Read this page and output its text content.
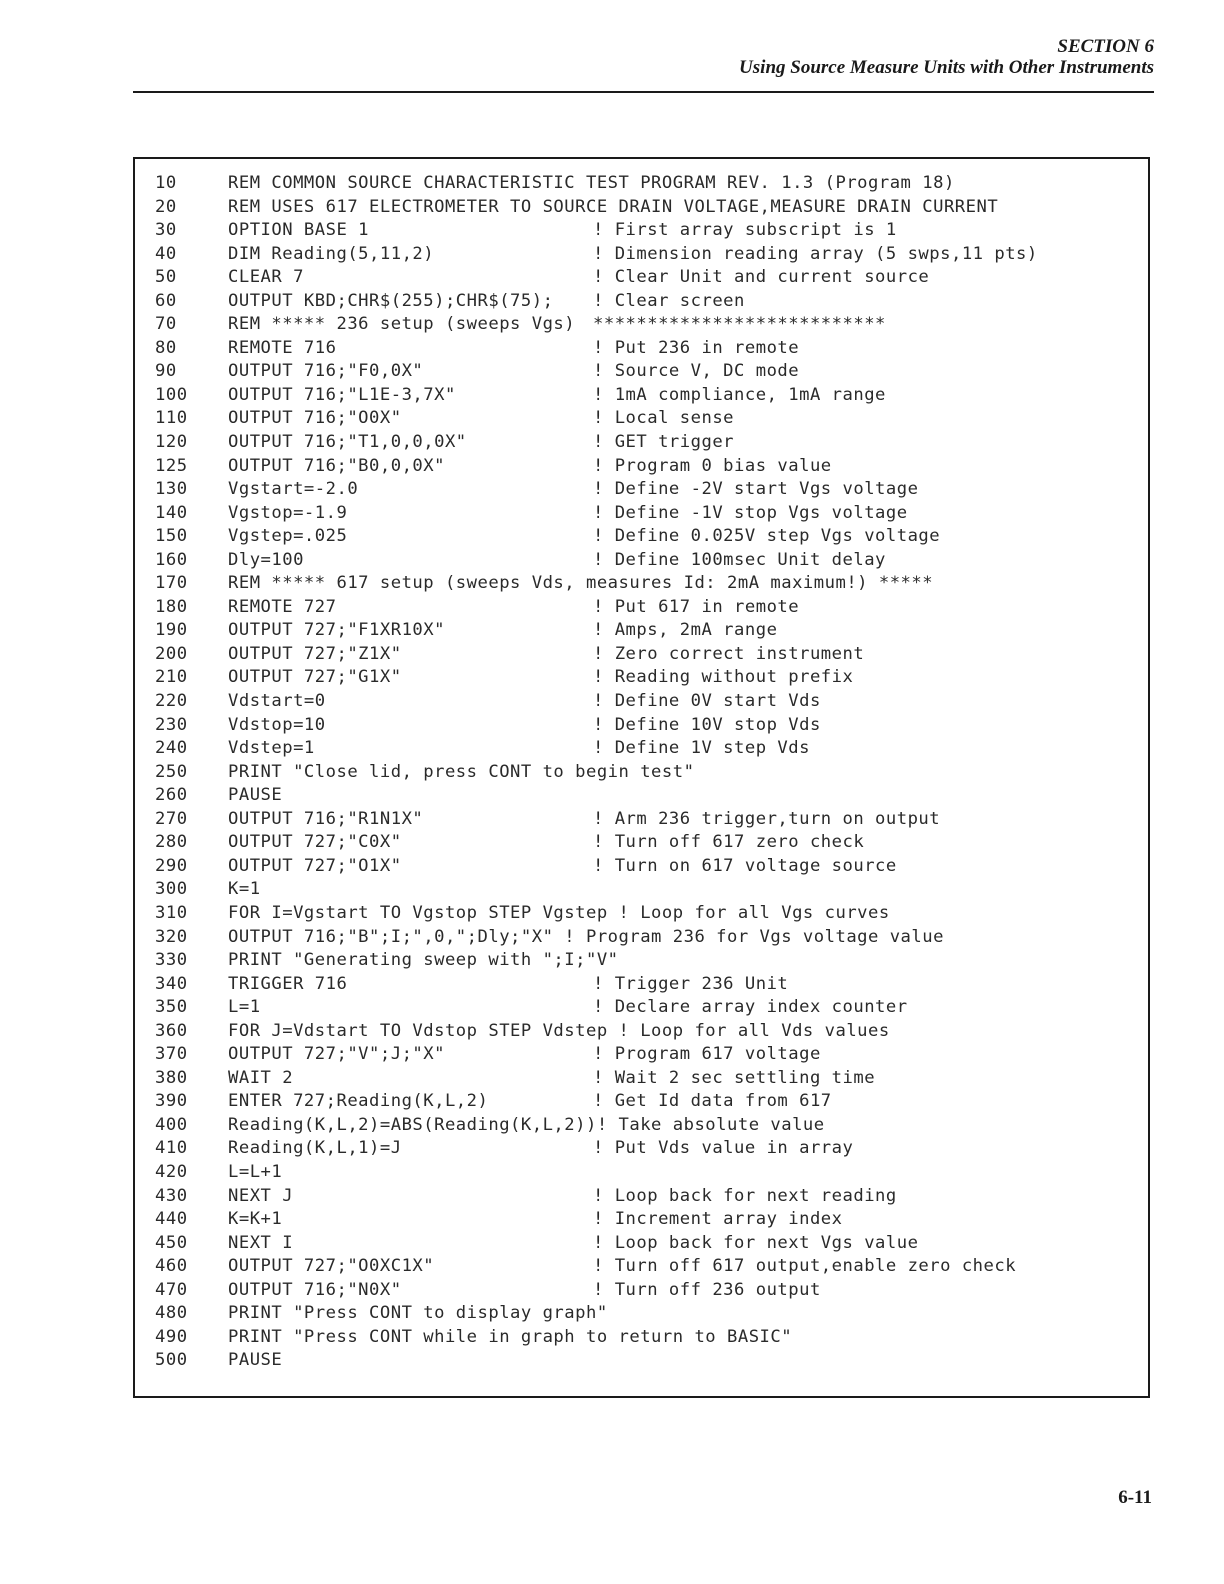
SECTION 6
Using Source Measure Units with Other Instruments
10	REM COMMON SOURCE CHARACTERISTIC TEST PROGRAM REV. 1.3 (Program 18)
20	REM USES 617 ELECTROMETER TO SOURCE DRAIN VOLTAGE,MEASURE DRAIN CURRENT
30	OPTION BASE 1	! First array subscript is 1
40	DIM Reading(5,11,2)	! Dimension reading array (5 swps,11 pts)
50	CLEAR 7	! Clear Unit and current source
60	OUTPUT KBD;CHR$(255);CHR$(75); ! Clear screen
70	REM ***** 236 setup (sweeps Vgs) ***************************
80	REMOTE 716	! Put 236 in remote
90	OUTPUT 716;"F0,0X"	! Source V, DC mode
100 OUTPUT 716;"L1E-3,7X"	! 1mA compliance, 1mA range
110 OUTPUT 716;"O0X"	! Local sense
120 OUTPUT 716;"T1,0,0,0X"	! GET trigger
125 OUTPUT 716;"B0,0,0X"	! Program 0 bias value
130 Vgstart=-2.0	! Define -2V start Vgs voltage
140 Vgstop=-1.9	! Define -1V stop Vgs voltage
150 Vgstep=.025	! Define 0.025V step Vgs voltage
160 Dly=100	! Define 100msec Unit delay
170 REM ***** 617 setup (sweeps Vds, measures Id: 2mA maximum!) *****
180 REMOTE 727	! Put 617 in remote
190 OUTPUT 727;"F1XR10X"	! Amps, 2mA range
200 OUTPUT 727;"Z1X"	! Zero correct instrument
210 OUTPUT 727;"G1X"	! Reading without prefix
220 Vdstart=0	! Define 0V start Vds
230 Vdstop=10	! Define 10V stop Vds
240 Vdstep=1	! Define 1V step Vds
250 PRINT "Close lid, press CONT to begin test"
260 PAUSE
270 OUTPUT 716;"R1N1X"	! Arm 236 trigger,turn on output
280 OUTPUT 727;"C0X"	! Turn off 617 zero check
290 OUTPUT 727;"O1X"	! Turn on 617 voltage source
300 K=1
310 FOR I=Vgstart TO Vgstop STEP Vgstep ! Loop for all Vgs curves
320 OUTPUT 716;"B";I;",0,";Dly;"X" ! Program 236 for Vgs voltage value
330 PRINT "Generating sweep with ";I;"V"
340 TRIGGER 716	! Trigger 236 Unit
350 L=1	! Declare array index counter
360 FOR J=Vdstart TO Vdstop STEP Vdstep ! Loop for all Vds values
370 OUTPUT 727;"V";J;"X"	! Program 617 voltage
380 WAIT 2	! Wait 2 sec settling time
390 ENTER 727;Reading(K,L,2)	! Get Id data from 617
400 Reading(K,L,2)=ABS(Reading(K,L,2))! Take absolute value
410 Reading(K,L,1)=J	! Put Vds value in array
420 L=L+1
430 NEXT J	! Loop back for next reading
440 K=K+1	! Increment array index
450 NEXT I	! Loop back for next Vgs value
460 OUTPUT 727;"O0XC1X"	! Turn off 617 output,enable zero check
470 OUTPUT 716;"N0X"	! Turn off 236 output
480 PRINT "Press CONT to display graph"
490 PRINT "Press CONT while in graph to return to BASIC"
500 PAUSE
6-11
